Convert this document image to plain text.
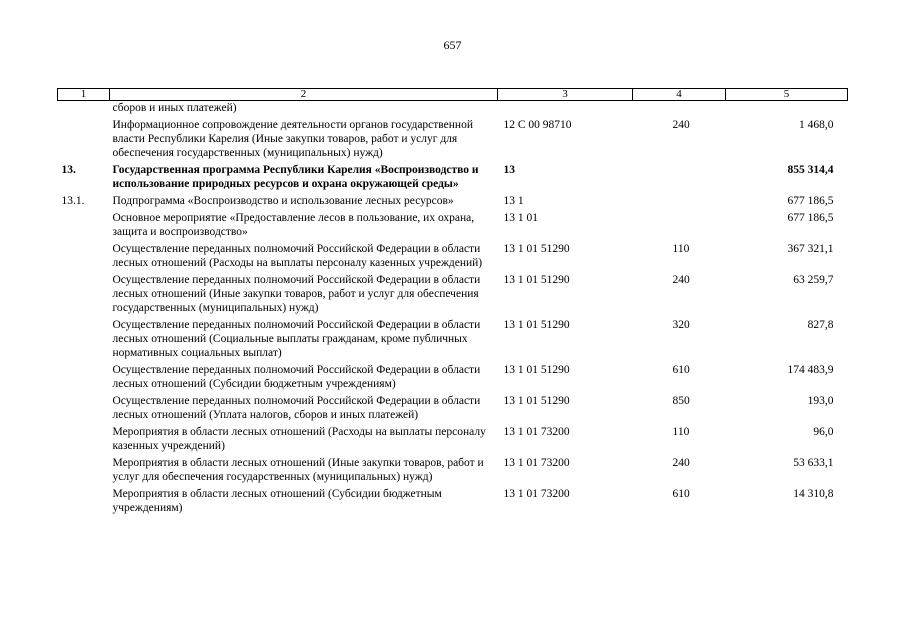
657
1	2	3	4	5
	сборов и иных платежей)			
	Информационное сопровождение деятельности органов государственной власти Республики Карелия (Иные закупки товаров, работ и услуг для обеспечения государственных (муниципальных) нужд)	12 С 00 98710	240	1 468,0
13.	Государственная программа Республики Карелия «Воспроизводство и использование природных ресурсов и охрана окружающей среды»	13		855 314,4
13.1.	Подпрограмма «Воспроизводство и использование лесных ресурсов»	13 1		677 186,5
	Основное мероприятие «Предоставление лесов в пользование, их охрана, защита и воспроизводство»	13 1 01		677 186,5
	Осуществление переданных полномочий Российской Федерации в области лесных отношений (Расходы на выплаты персоналу казенных учреждений)	13 1 01 51290	110	367 321,1
	Осуществление переданных полномочий Российской Федерации в области лесных отношений (Иные закупки товаров, работ и услуг для обеспечения государственных (муниципальных) нужд)	13 1 01 51290	240	63 259,7
	Осуществление переданных полномочий Российской Федерации в области лесных отношений (Социальные выплаты гражданам, кроме публичных нормативных социальных выплат)	13 1 01 51290	320	827,8
	Осуществление переданных полномочий Российской Федерации в области лесных отношений (Субсидии бюджетным учреждениям)	13 1 01 51290	610	174 483,9
	Осуществление переданных полномочий Российской Федерации в области лесных отношений (Уплата налогов, сборов и иных платежей)	13 1 01 51290	850	193,0
	Мероприятия в области лесных отношений (Расходы на выплаты персоналу казенных учреждений)	13 1 01 73200	110	96,0
	Мероприятия в области лесных отношений (Иные закупки товаров, работ и услуг для обеспечения государственных (муниципальных) нужд)	13 1 01 73200	240	53 633,1
	Мероприятия в области лесных отношений (Субсидии бюджетным учреждениям)	13 1 01 73200	610	14 310,8
